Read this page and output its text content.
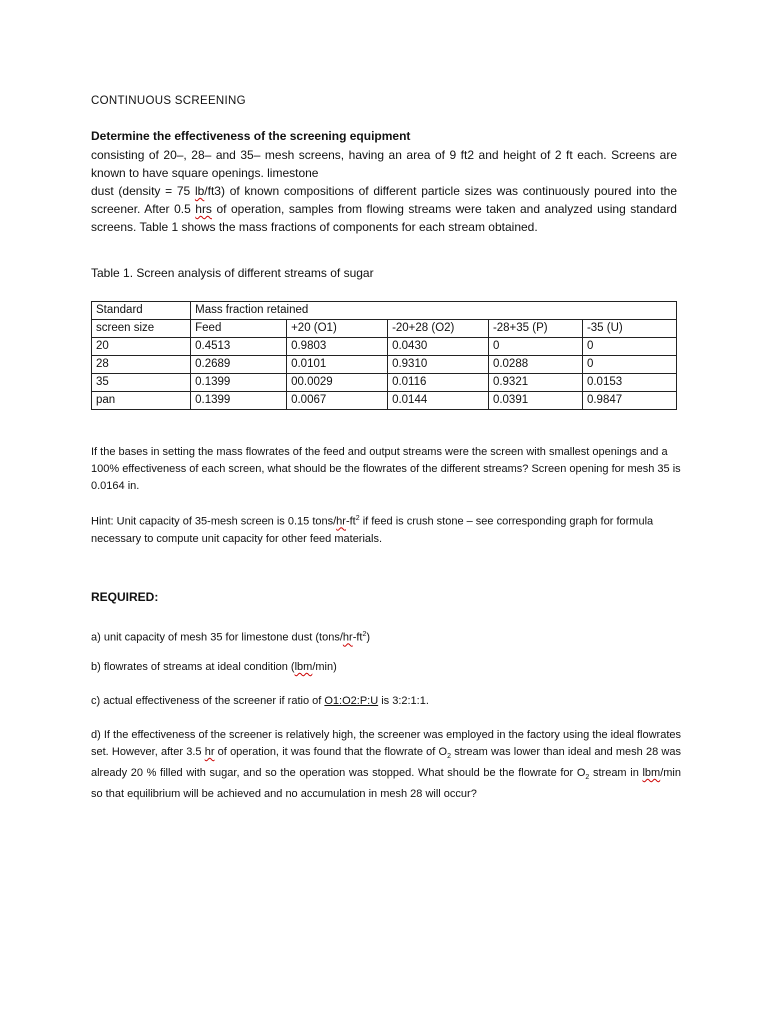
CONTINUOUS SCREENING
Determine the effectiveness of the screening equipment

consisting of 20–, 28– and 35– mesh screens, having an area of 9 ft2 and height of 2 ft each. Screens are known to have square openings. limestone

dust (density = 75 lb/ft3) of known compositions of different particle sizes was continuously poured into the screener. After 0.5 hrs of operation, samples from flowing streams were taken and analyzed using standard screens. Table 1 shows the mass fractions of components for each stream obtained.

Table 1. Screen analysis of different streams of sugar
Standard	Mass fraction retained				
screen size	Feed	+20 (O1)	-20+28 (O2)	-28+35 (P)	-35 (U)
20	0.4513	0.9803	0.0430	0	0
28	0.2689	0.0101	0.9310	0.0288	0
35	0.1399	00.0029	0.0116	0.9321	0.0153
pan	0.1399	0.0067	0.0144	0.0391	0.9847

If the bases in setting the mass flowrates of the feed and output streams were the screen with smallest openings and a 100% effectiveness of each screen, what should be the flowrates of the different streams? Screen opening for mesh 35 is 0.0164 in.

Hint: Unit capacity of 35-mesh screen is 0.15 tons/$hr-ft^2$ if feed is crush stone – see corresponding graph for formula necessary to compute unit capacity for other feed materials.

REQUIRED:

a) unit capacity of mesh 35 for limestone dust $(tons/hr-ft^2)$

b) flowrates of streams at ideal condition (lbm/min)

c) actual effectiveness of the screener if ratio of O1:O2:P:U is 3:2:1:1.

d) If the effectiveness of the screener is relatively high, the screener was employed in the factory using the ideal flowrates set. However, after 3.5 hr of operation, it was found that the flowrate of $O_2$ stream was lower than ideal and mesh 28 was already 20 % filled with sugar, and so the operation was stopped. What should be the flowrate for $O_2$ stream in lbm/min so that equilibrium will be achieved and no accumulation in mesh 28 will occur?
